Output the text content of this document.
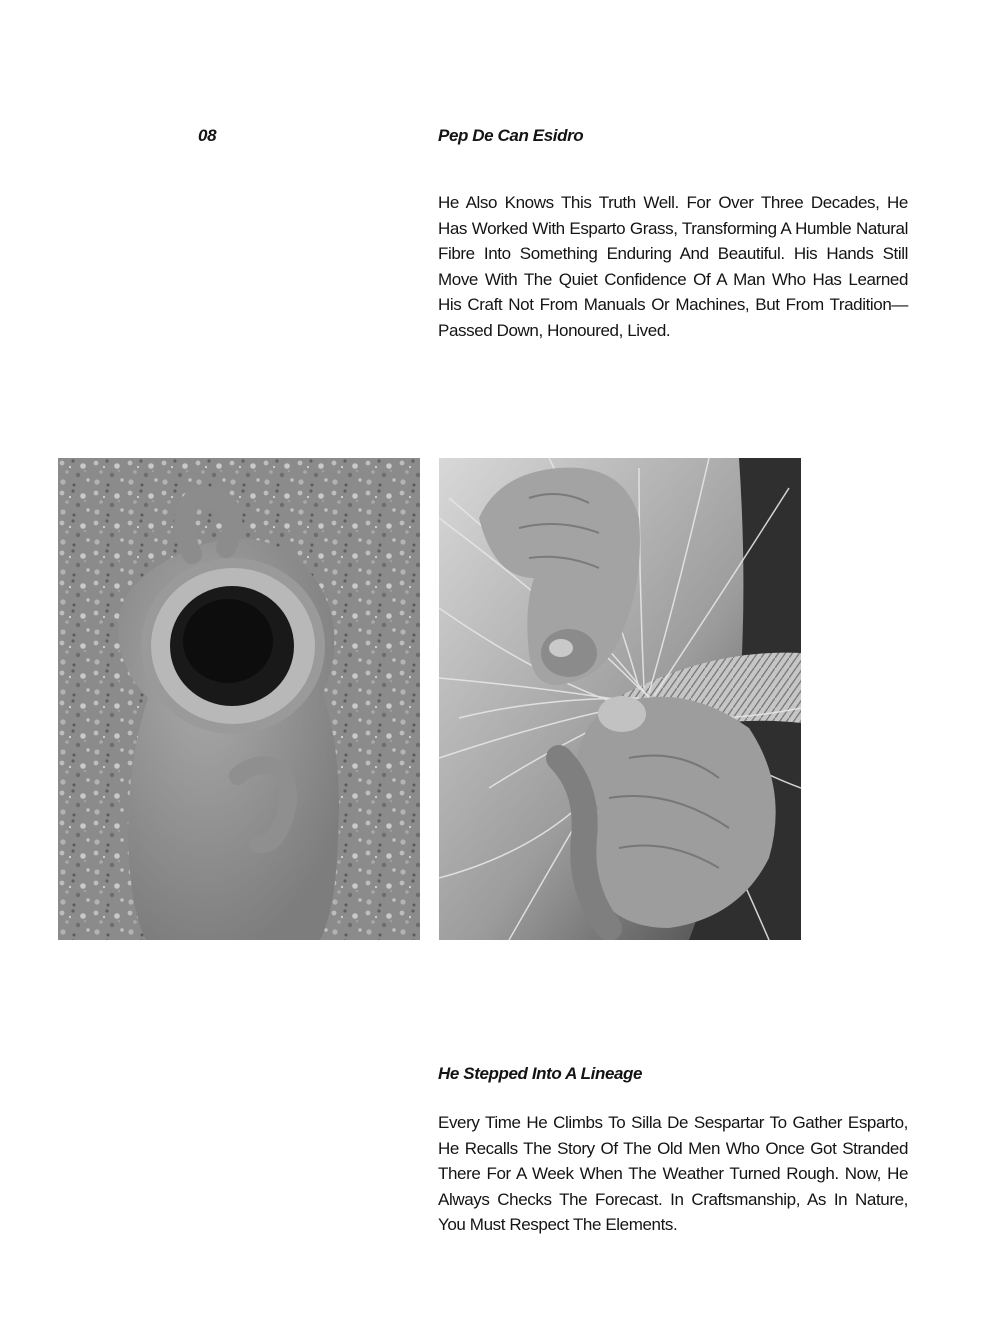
08	Pep De Can Esidro
He Also Knows This Truth Well. For Over Three Decades, He Has Worked With Esparto Grass, Transforming A Humble Natural Fibre Into Something Enduring And Beautiful. His Hands Still Move With The Quiet Confidence Of A Man Who Has Learned His Craft Not From Manuals Or Machines, But From Tradition—Passed Down, Honoured, Lived.
He Stepped Into A Lineage
Every Time He Climbs To Silla De Sespartar To Gather Esparto, He Recalls The Story Of The Old Men Who Once Got Stranded There For A Week When The Weather Turned Rough. Now, He Always Checks The Forecast. In Craftsmanship, As In Nature, You Must Respect The Elements.
